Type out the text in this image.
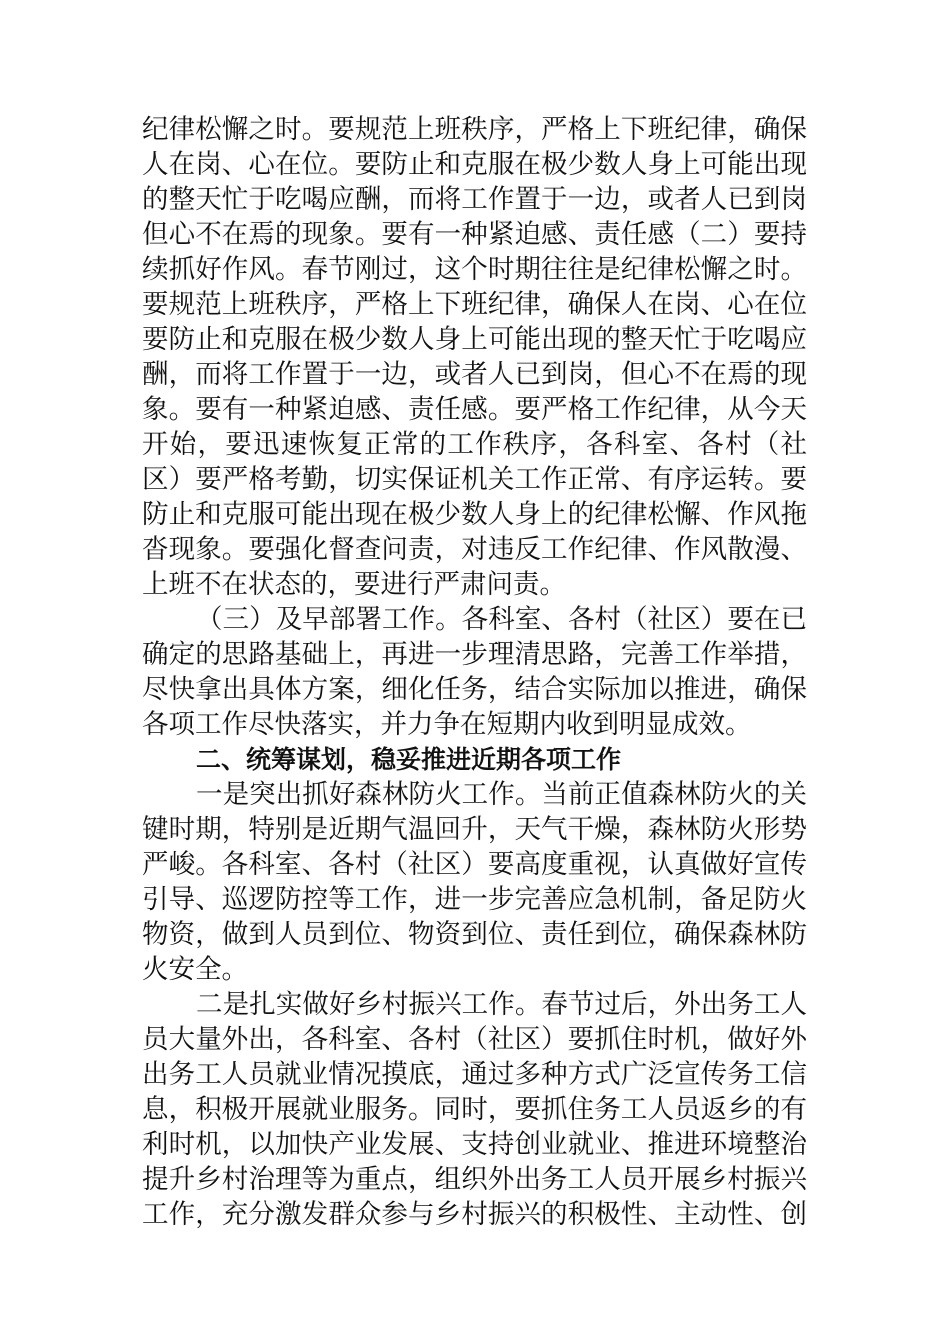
纪律松懈之时。要规范上班秩序，严格上下班纪律，确保
人在岗、心在位。要防止和克服在极少数人身上可能出现
的整天忙于吃喝应酬，而将工作置于一边，或者人已到岗
但心不在焉的现象。要有一种紧迫感、责任感（二）要持
续抓好作风。春节刚过，这个时期往往是纪律松懈之时。
要规范上班秩序，严格上下班纪律，确保人在岗、心在位
要防止和克服在极少数人身上可能出现的整天忙于吃喝应
酬，而将工作置于一边，或者人已到岗，但心不在焉的现
象。要有一种紧迫感、责任感。要严格工作纪律，从今天
开始，要迅速恢复正常的工作秩序，各科室、各村（社
区）要严格考勤，切实保证机关工作正常、有序运转。要
防止和克服可能出现在极少数人身上的纪律松懈、作风拖
沓现象。要强化督查问责，对违反工作纪律、作风散漫、
上班不在状态的，要进行严肃问责。
（三）及早部署工作。各科室、各村（社区）要在已
确定的思路基础上，再进一步理清思路，完善工作举措，
尽快拿出具体方案，细化任务，结合实际加以推进，确保
各项工作尽快落实，并力争在短期内收到明显成效。
二、统筹谋划，稳妥推进近期各项工作
一是突出抓好森林防火工作。当前正值森林防火的关
键时期，特别是近期气温回升，天气干燥，森林防火形势
严峻。各科室、各村（社区）要高度重视，认真做好宣传
引导、巡逻防控等工作，进一步完善应急机制，备足防火
物资，做到人员到位、物资到位、责任到位，确保森林防
火安全。
二是扎实做好乡村振兴工作。春节过后，外出务工人
员大量外出，各科室、各村（社区）要抓住时机，做好外
出务工人员就业情况摸底，通过多种方式广泛宣传务工信
息，积极开展就业服务。同时，要抓住务工人员返乡的有
利时机，以加快产业发展、支持创业就业、推进环境整治
提升乡村治理等为重点，组织外出务工人员开展乡村振兴
工作，充分激发群众参与乡村振兴的积极性、主动性、创
